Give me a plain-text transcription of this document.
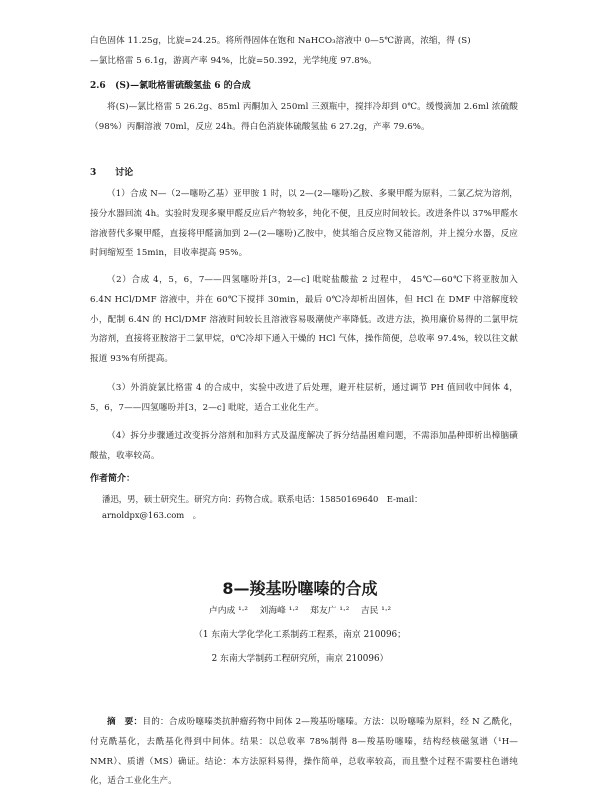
白色固体 11.25g，比旋=24.25。将所得固体在饱和 NaHCO₃溶液中 0—5℃游离，浓缩，得 (S)

—氯比格雷 5 6.1g，游离产率 94%，比旋=50.392，光学纯度 97.8%。

2.6 (S)—氯吡格雷硫酸氢盐 6 的合成
将(S)—氯比格雷 5 26.2g、85ml 丙酮加入 250ml 三颈瓶中，搅拌冷却到 0℃。缓慢滴加 2.6ml 浓硫酸（98%）丙酮溶液 70ml，反应 24h。得白色消旋体硫酸氢盐 6 27.2g，产率 79.6%。
3 讨论
（1）合成 N—（2—噻吩乙基）亚甲胺 1 时，以 2—(2—噻吩)乙胺、多聚甲醛为原料，二氯乙烷为溶剂，接分水器回流 4h。实验时发现多聚甲醛反应后产物较多，纯化不便，且反应时间较长。改进条件以 37%甲醛水溶液替代多聚甲醛，直接将甲醛滴加到 2—(2—噻吩)乙胺中，使其缩合反应物又能溶剂，并上搅分水器，反应时间缩短至 15min，目收率提高 95%。
（2）合成 4，5，6，7——四氢噻吩并[3，2—c] 吡啶盐酸盐 2 过程中， 45℃—60℃下将亚胺加入 6.4N HCl/DMF 溶液中，并在 60℃下搅拌 30min，最后 0℃冷却析出固体，但 HCl 在 DMF 中溶解度较小，配制 6.4N 的 HCl/DMF 溶液时间较长且溶液容易吸潮使产率降低。改进方法，换用廉价易得的二氯甲烷为溶剂，直接将亚胺溶于二氯甲烷，0℃冷却下通入干燥的 HCl 气体，操作简便，总收率 97.4%，较以往文献报道 93%有所提高。
（3）外消旋氯比格雷 4 的合成中，实验中改进了后处理，避开柱层析，通过调节 PH 值回收中间体 4，5，6，7——四氢噻吩并[3，2—c] 吡啶，适合工业化生产。
（4）拆分步骤通过改变拆分溶剂和加料方式及温度解决了拆分结晶困难问题，不需添加晶种即析出樟脑磺酸盐，收率较高。
作者简介：
潘迅，男，硕士研究生。研究方向：药物合成。联系电话：15850169640　E-mail：arnoldpx@163.com　。
8—羧基吩噻嗪的合成
卢内成 ¹·²　 刘海峰 ¹·²　 郑友广 ¹·²　 吉民 ¹·²
（1 东南大学化学化工系制药工程系，南京 210096；
2 东南大学制药工程研究所，南京 210096）
摘　要：目的：合成吩噻嗪类抗肿瘤药物中间体 2—羧基吩噻嗪。方法：以吩噻嗪为原料，经 N 乙酰化，付克酰基化，去酰基化得到中间体。结果：以总收率 78%制得 8—羧基吩噻嗪，结构经核磁氢谱（¹H—NMR）、质谱（MS）确证。结论：本方法原料易得，操作简单，总收率较高，而且整个过程不需要柱色谱纯化，适合工业化生产。
